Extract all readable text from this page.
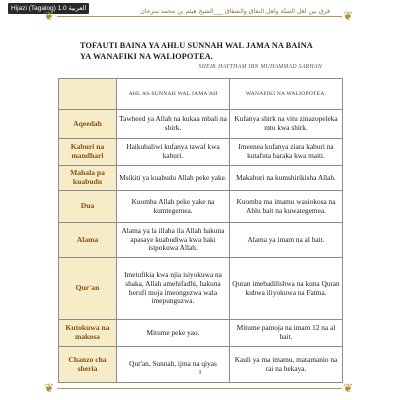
Hijazi (Tagalog) العربية 1.0
❦	فرق بين أهل السنّة وأهل النفاق والشقاق ___الشيخ هيثم بن محمد سرحان ❦
TOFAUTI BAINA YA AHLU SUNNAH WAL JAMA NA BAINA YA WANAFIKI NA WALIOPOTEA.
SHEIK HAYTHAM IBN MUHAMMAD SARHAN
	AHL AS-SUNNAH WAL JAMA'AH	WANAFIKI NA WALIOPOTEA.
Aqeedah	Tawheed ya Allah na kukaa mbali na shirk.	Kufanya shirk na vitu zinazopeleka mtu kwa shirk.
Kaburi na mandhari	Haikubaliwi kufanya tawaf kwa kaburi.	Imeenea kufanya ziara kaburi na kutafuta baraka kwa maiti.
Mahala pa kuabudu	Msikiti ya kuabudu Allah peke yake.	Makaburi na kumshirikisha Allah.
Dua	Kuomba Allah peke yake na kumtegemea.	Kuomba ma imamu wasiokosa na Ahlu bait na kuwategemea.
Alama	Alama ya la illaha ila Allah hakuna apasaye kuabudiwa kwa haki isipokuwa Allah.	Alama ya imam na al bait.
Qur'an	Imetufikia kwa njia isiyokuwa na shaka, Allah amehifadhi, hakuna herufi moja imeongezwa wala imepunguzwa.	Quran imebadilishwa na kuna Quran kubwa iliyokuwa na Fatma.
Kutokuwa na makosa	Mitume peke yao.	Mitume pamoja na imam 12 na al bait.
Chanzo cha sheria	Qur'an, Sunnah, ijma na qiyas	Kauli ya ma imamu, matamanio na rai na hekaya.
1
❦	❦
